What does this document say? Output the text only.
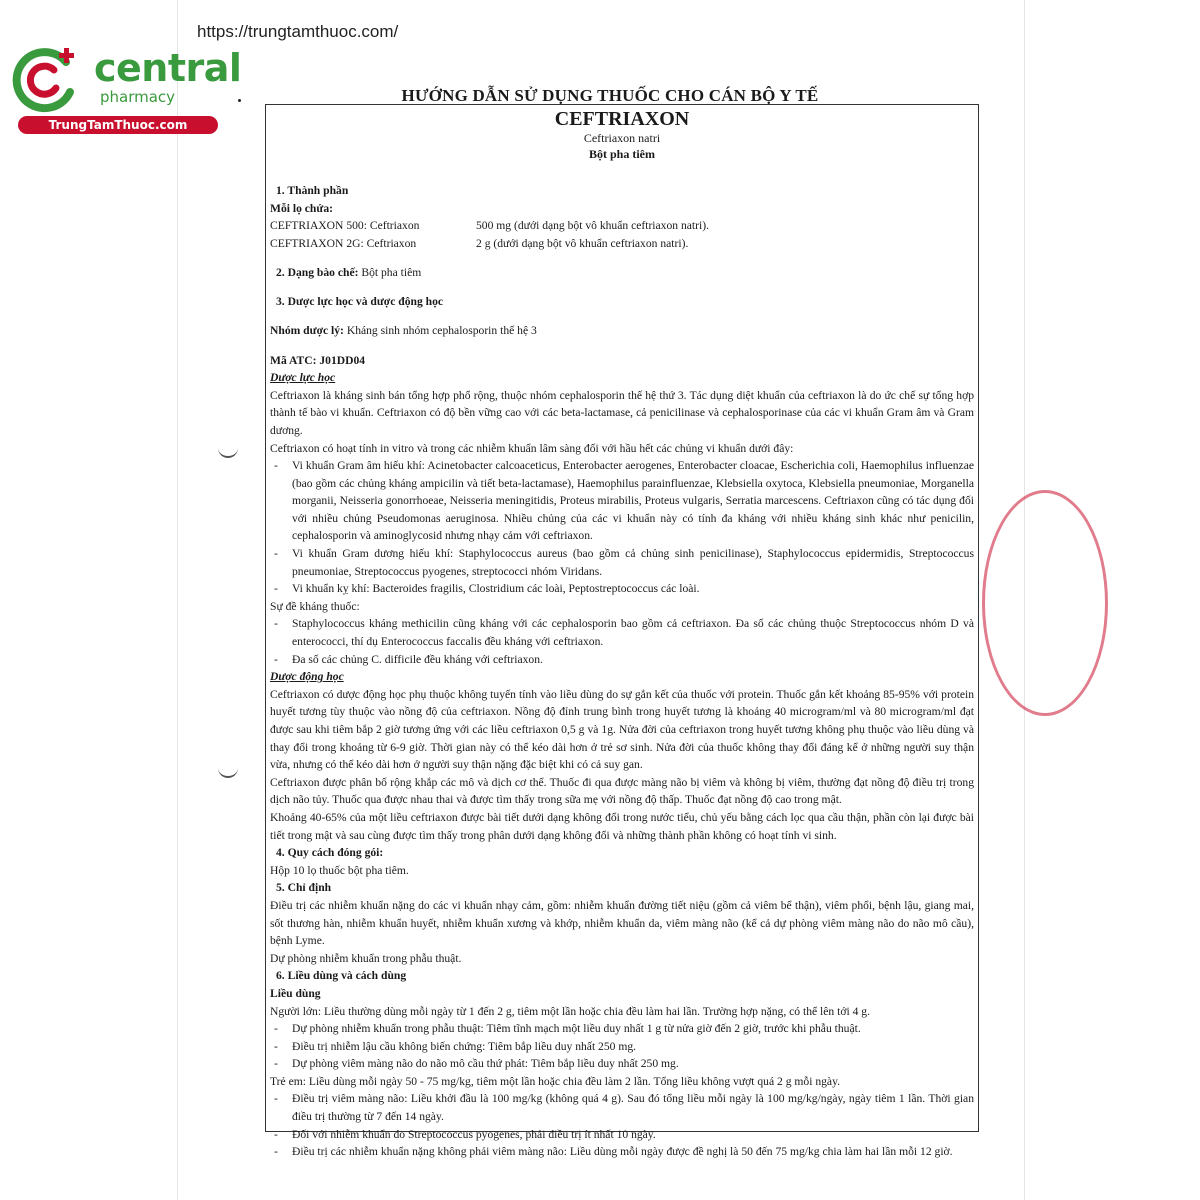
https://trungtamthuoc.com/
central
pharmacy
TrungTamThuoc.com
HƯỚNG DẪN SỬ DỤNG THUỐC CHO CÁN BỘ Y TẾ
CEFTRIAXON
Ceftriaxon natri
Bột pha tiêm

1. Thành phần

Mỗi lọ chứa:

CEFTRIAXON 500: Ceftriaxon	500 mg (dưới dạng bột vô khuẩn ceftriaxon natri).
CEFTRIAXON 2G: Ceftriaxon	2 g (dưới dạng bột vô khuẩn ceftriaxon natri).

2. Dạng bào chế: Bột pha tiêm

3. Dược lực học và dược động học

Nhóm dược lý: Kháng sinh nhóm cephalosporin thế hệ 3

Mã ATC: J01DD04

Dược lực học

Ceftriaxon là kháng sinh bán tổng hợp phổ rộng, thuộc nhóm cephalosporin thế hệ thứ 3. Tác dụng diệt khuẩn của ceftriaxon là do ức chế sự tổng hợp thành tế bào vi khuẩn. Ceftriaxon có độ bền vững cao với các beta-lactamase, cả penicilinase và cephalosporinase của các vi khuẩn Gram âm và Gram dương.

Ceftriaxon có hoạt tính in vitro và trong các nhiễm khuẩn lâm sàng đối với hầu hết các chủng vi khuẩn dưới đây:

- Vi khuẩn Gram âm hiếu khí: Acinetobacter calcoaceticus, Enterobacter aerogenes, Enterobacter cloacae, Escherichia coli, Haemophilus influenzae (bao gồm các chủng kháng ampicilin và tiết beta-lactamase), Haemophilus parainfluenzae, Klebsiella oxytoca, Klebsiella pneumoniae, Morganella morganii, Neisseria gonorrhoeae, Neisseria meningitidis, Proteus mirabilis, Proteus vulgaris, Serratia marcescens. Ceftriaxon cũng có tác dụng đối với nhiều chủng Pseudomonas aeruginosa. Nhiều chủng của các vi khuẩn này có tính đa kháng với nhiều kháng sinh khác như penicilin, cephalosporin và aminoglycosid nhưng nhạy cảm với ceftriaxon.

- Vi khuẩn Gram dương hiếu khí: Staphylococcus aureus (bao gồm cả chủng sinh penicilinase), Staphylococcus epidermidis, Streptococcus pneumoniae, Streptococcus pyogenes, streptococci nhóm Viridans.

- Vi khuẩn kỵ khí: Bacteroides fragilis, Clostridium các loài, Peptostreptococcus các loài.

Sự đề kháng thuốc:

- Staphylococcus kháng methicilin cũng kháng với các cephalosporin bao gồm cả ceftriaxon. Đa số các chủng thuộc Streptococcus nhóm D và enterococci, thí dụ Enterococcus faccalis đều kháng với ceftriaxon.

- Đa số các chủng C. difficile đều kháng với ceftriaxon.

Dược động học

Ceftriaxon có dược động học phụ thuộc không tuyến tính vào liều dùng do sự gắn kết của thuốc với protein. Thuốc gắn kết khoảng 85-95% với protein huyết tương tùy thuộc vào nồng độ của ceftriaxon. Nồng độ đỉnh trung bình trong huyết tương là khoảng 40 microgram/ml và 80 microgram/ml đạt được sau khi tiêm bắp 2 giờ tương ứng với các liều ceftriaxon 0,5 g và 1g. Nửa đời của ceftriaxon trong huyết tương không phụ thuộc vào liều dùng và thay đổi trong khoảng từ 6-9 giờ. Thời gian này có thể kéo dài hơn ở trẻ sơ sinh. Nửa đời của thuốc không thay đổi đáng kể ở những người suy thận vừa, nhưng có thể kéo dài hơn ở người suy thận nặng đặc biệt khi có cả suy gan.

Ceftriaxon được phân bố rộng khắp các mô và dịch cơ thể. Thuốc đi qua được màng não bị viêm và không bị viêm, thường đạt nồng độ điều trị trong dịch não tủy. Thuốc qua được nhau thai và được tìm thấy trong sữa mẹ với nồng độ thấp. Thuốc đạt nồng độ cao trong mật.

Khoảng 40-65% của một liều ceftriaxon được bài tiết dưới dạng không đổi trong nước tiểu, chủ yếu bằng cách lọc qua cầu thận, phần còn lại được bài tiết trong mật và sau cùng được tìm thấy trong phân dưới dạng không đổi và những thành phần không có hoạt tính vi sinh.

4. Quy cách đóng gói:

Hộp 10 lọ thuốc bột pha tiêm.

5. Chỉ định

Điều trị các nhiễm khuẩn nặng do các vi khuẩn nhạy cảm, gồm: nhiễm khuẩn đường tiết niệu (gồm cả viêm bể thận), viêm phổi, bệnh lậu, giang mai, sốt thương hàn, nhiễm khuẩn huyết, nhiễm khuẩn xương và khớp, nhiễm khuẩn da, viêm màng não (kể cả dự phòng viêm màng não do não mô cầu), bệnh Lyme.

Dự phòng nhiễm khuẩn trong phẫu thuật.

6. Liều dùng và cách dùng

Liều dùng

Người lớn: Liều thường dùng mỗi ngày từ 1 đến 2 g, tiêm một lần hoặc chia đều làm hai lần. Trường hợp nặng, có thể lên tới 4 g.

- Dự phòng nhiễm khuẩn trong phẫu thuật: Tiêm tĩnh mạch một liều duy nhất 1 g từ nửa giờ đến 2 giờ, trước khi phẫu thuật.

- Điều trị nhiễm lậu cầu không biến chứng: Tiêm bắp liều duy nhất 250 mg.

- Dự phòng viêm màng não do não mô cầu thứ phát: Tiêm bắp liều duy nhất 250 mg.

Trẻ em: Liều dùng mỗi ngày 50 - 75 mg/kg, tiêm một lần hoặc chia đều làm 2 lần. Tổng liều không vượt quá 2 g mỗi ngày.

- Điều trị viêm màng não: Liều khởi đầu là 100 mg/kg (không quá 4 g). Sau đó tổng liều mỗi ngày là 100 mg/kg/ngày, ngày tiêm 1 lần. Thời gian điều trị thường từ 7 đến 14 ngày.

- Đối với nhiễm khuẩn do Streptococcus pyogenes, phải điều trị ít nhất 10 ngày.

- Điều trị các nhiễm khuẩn nặng không phải viêm màng não: Liều dùng mỗi ngày được đề nghị là 50 đến 75 mg/kg chia làm hai lần mỗi 12 giờ.
